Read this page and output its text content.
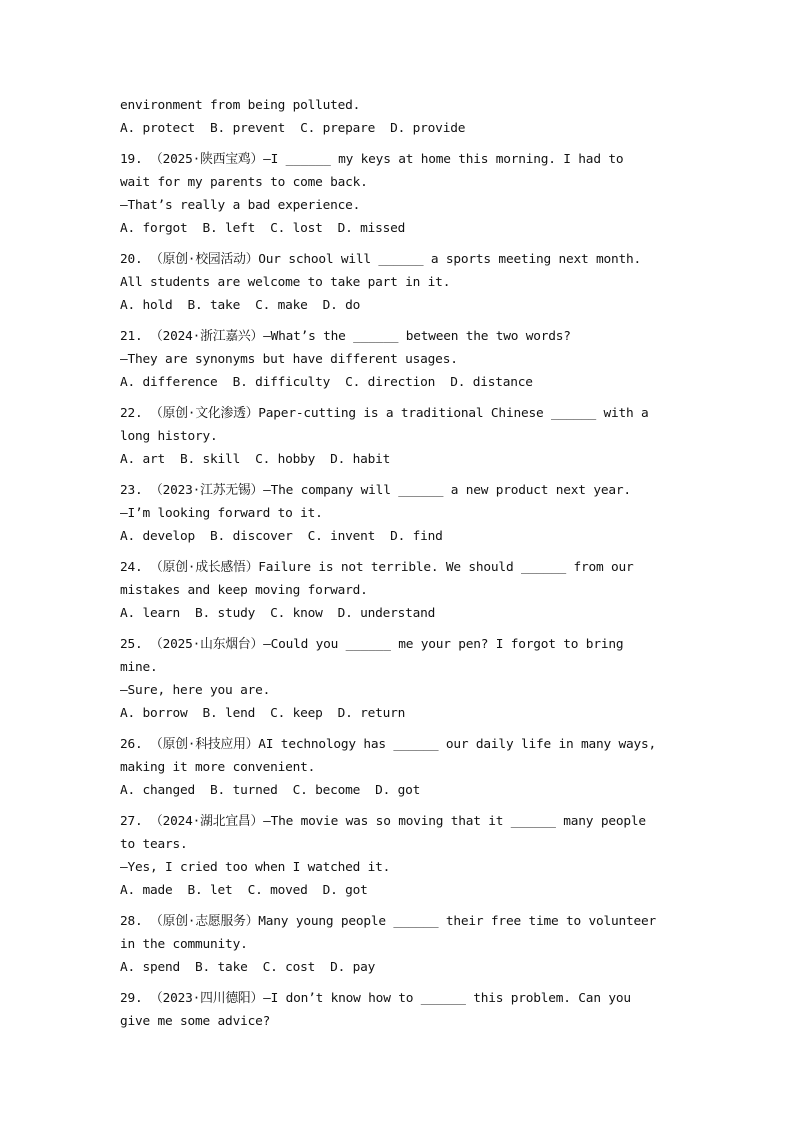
environment from being polluted.
A. protect  B. prevent  C. prepare  D. provide
19. （2025·陕西宝鸡）—I ______ my keys at home this morning. I had to
wait for my parents to come back.
—That’s really a bad experience.
A. forgot  B. left  C. lost  D. missed
20. （原创·校园活动）Our school will ______ a sports meeting next month.
All students are welcome to take part in it.
A. hold  B. take  C. make  D. do
21. （2024·浙江嘉兴）—What’s the ______ between the two words?
—They are synonyms but have different usages.
A. difference  B. difficulty  C. direction  D. distance
22. （原创·文化渗透）Paper-cutting is a traditional Chinese ______ with a
long history.
A. art  B. skill  C. hobby  D. habit
23. （2023·江苏无锡）—The company will ______ a new product next year.
—I’m looking forward to it.
A. develop  B. discover  C. invent  D. find
24. （原创·成长感悟）Failure is not terrible. We should ______ from our
mistakes and keep moving forward.
A. learn  B. study  C. know  D. understand
25. （2025·山东烟台）—Could you ______ me your pen? I forgot to bring
mine.
—Sure, here you are.
A. borrow  B. lend  C. keep  D. return
26. （原创·科技应用）AI technology has ______ our daily life in many ways,
making it more convenient.
A. changed  B. turned  C. become  D. got
27. （2024·湖北宜昌）—The movie was so moving that it ______ many people
to tears.
—Yes, I cried too when I watched it.
A. made  B. let  C. moved  D. got
28. （原创·志愿服务）Many young people ______ their free time to volunteer
in the community.
A. spend  B. take  C. cost  D. pay
29. （2023·四川德阳）—I don’t know how to ______ this problem. Can you
give me some advice?
